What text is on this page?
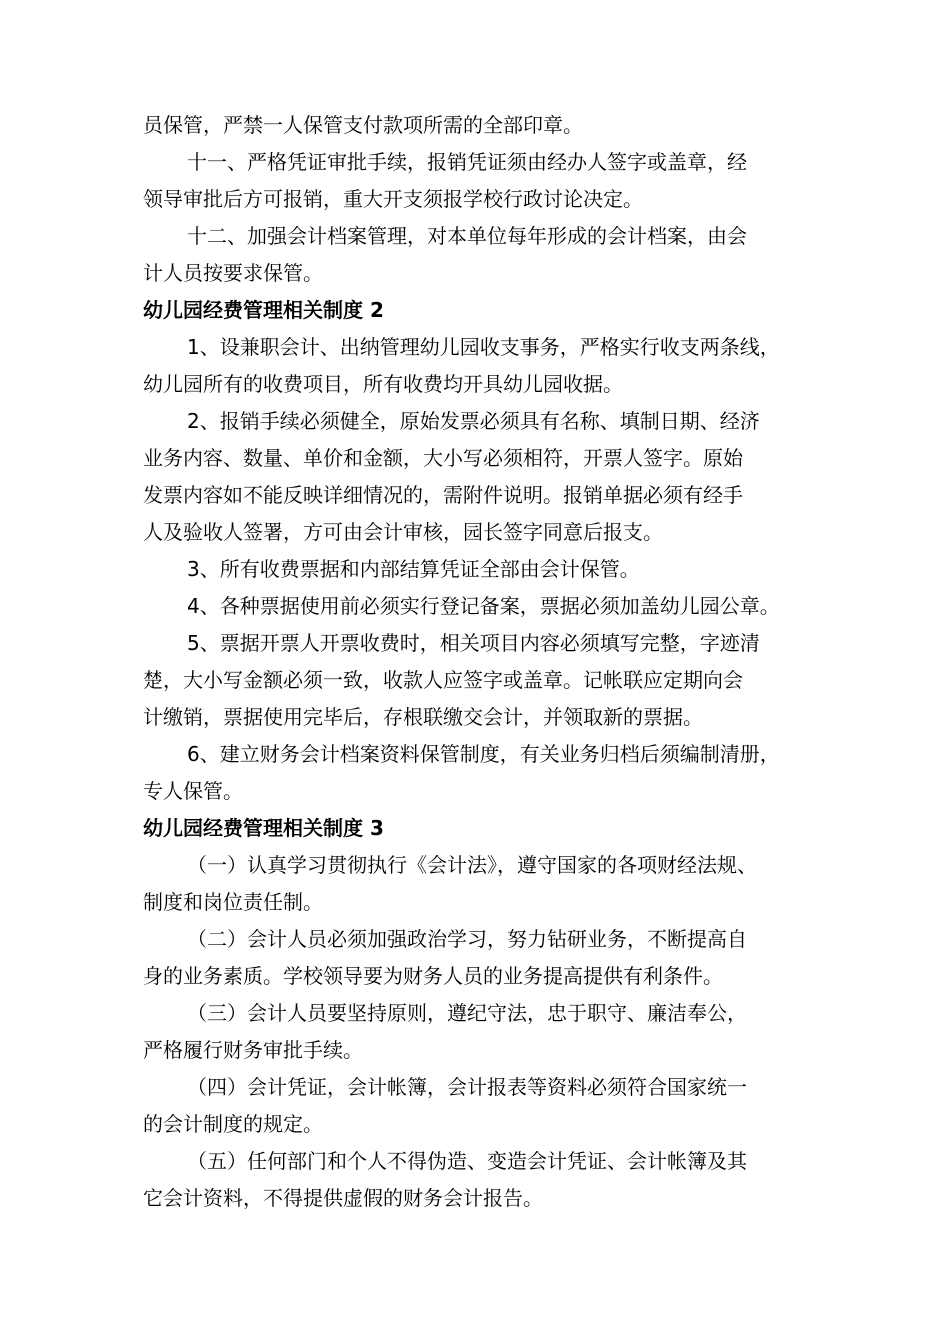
员保管，严禁一人保管支付款项所需的全部印章。
十一、严格凭证审批手续，报销凭证须由经办人签字或盖章，经
领导审批后方可报销，重大开支须报学校行政讨论决定。
十二、加强会计档案管理，对本单位每年形成的会计档案，由会
计人员按要求保管。
幼儿园经费管理相关制度 2
1、设兼职会计、出纳管理幼儿园收支事务，严格实行收支两条线，
幼儿园所有的收费项目，所有收费均开具幼儿园收据。
2、报销手续必须健全，原始发票必须具有名称、填制日期、经济
业务内容、数量、单价和金额，大小写必须相符，开票人签字。原始
发票内容如不能反映详细情况的，需附件说明。报销单据必须有经手
人及验收人签署，方可由会计审核，园长签字同意后报支。
3、所有收费票据和内部结算凭证全部由会计保管。
4、各种票据使用前必须实行登记备案，票据必须加盖幼儿园公章。
5、票据开票人开票收费时，相关项目内容必须填写完整，字迹清
楚，大小写金额必须一致，收款人应签字或盖章。记帐联应定期向会
计缴销，票据使用完毕后，存根联缴交会计，并领取新的票据。
6、建立财务会计档案资料保管制度，有关业务归档后须编制清册，
专人保管。
幼儿园经费管理相关制度 3
（一）认真学习贯彻执行《会计法》，遵守国家的各项财经法规、
制度和岗位责任制。
（二）会计人员必须加强政治学习，努力钻研业务，不断提高自
身的业务素质。学校领导要为财务人员的业务提高提供有利条件。
（三）会计人员要坚持原则，遵纪守法，忠于职守、廉洁奉公，
严格履行财务审批手续。
（四）会计凭证，会计帐簿，会计报表等资料必须符合国家统一
的会计制度的规定。
（五）任何部门和个人不得伪造、变造会计凭证、会计帐簿及其
它会计资料，不得提供虚假的财务会计报告。
